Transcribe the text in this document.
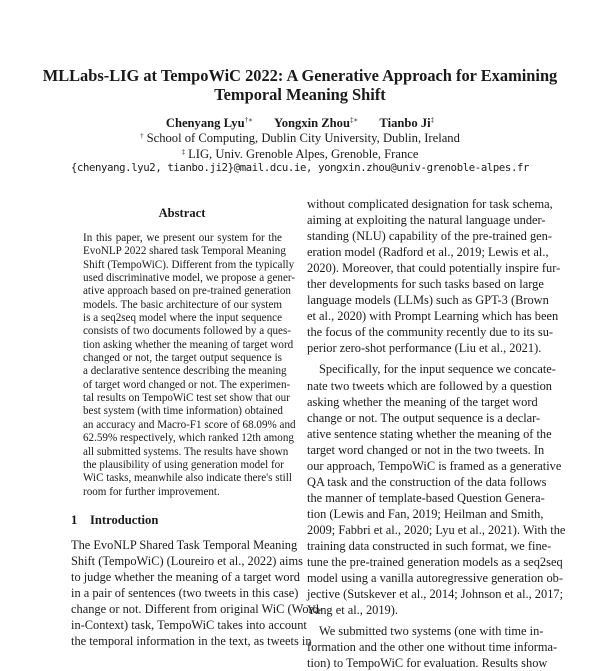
MLLabs-LIG at TempoWiC 2022: A Generative Approach for Examining
Temporal Meaning Shift
Chenyang Lyu†∗ Yongxin Zhou‡∗ Tianbo Ji‡
† School of Computing, Dublin City University, Dublin, Ireland
‡ LIG, Univ. Grenoble Alpes, Grenoble, France
{chenyang.lyu2, tianbo.ji2}@mail.dcu.ie, yongxin.zhou@univ-grenoble-alpes.fr
Abstract
In this paper, we present our system for the
EvoNLP 2022 shared task Temporal Meaning
Shift (TempoWiC). Different from the typically
used discriminative model, we propose a gener-
ative approach based on pre-trained generation
models. The basic architecture of our system
is a seq2seq model where the input sequence
consists of two documents followed by a ques-
tion asking whether the meaning of target word
changed or not, the target output sequence is
a declarative sentence describing the meaning
of target word changed or not. The experimen-
tal results on TempoWiC test set show that our
best system (with time information) obtained
an accuracy and Macro-F1 score of 68.09% and
62.59% respectively, which ranked 12th among
all submitted systems. The results have shown
the plausibility of using generation model for
WiC tasks, meanwhile also indicate there's still
room for further improvement.
1 Introduction
The EvoNLP Shared Task Temporal Meaning
Shift (TempoWiC) (Loureiro et al., 2022) aims
to judge whether the meaning of a target word
in a pair of sentences (two tweets in this case)
change or not. Different from original WiC (Word-
in-Context) task, TempoWiC takes into account
the temporal information in the text, as tweets in
without complicated designation for task schema,
aiming at exploiting the natural language under-
standing (NLU) capability of the pre-trained gen-
eration model (Radford et al., 2019; Lewis et al.,
2020). Moreover, that could potentially inspire fur-
ther developments for such tasks based on large
language models (LLMs) such as GPT-3 (Brown
et al., 2020) with Prompt Learning which has been
the focus of the community recently due to its su-
perior zero-shot performance (Liu et al., 2021).
Specifically, for the input sequence we concate-
nate two tweets which are followed by a question
asking whether the meaning of the target word
change or not. The output sequence is a declar-
ative sentence stating whether the meaning of the
target word changed or not in the two tweets. In
our approach, TempoWiC is framed as a generative
QA task and the construction of the data follows
the manner of template-based Question Genera-
tion (Lewis and Fan, 2019; Heilman and Smith,
2009; Fabbri et al., 2020; Lyu et al., 2021). With the
training data constructed in such format, we fine-
tune the pre-trained generation models as a seq2seq
model using a vanilla autoregressive generation ob-
jective (Sutskever et al., 2014; Johnson et al., 2017;
Yang et al., 2019).
We submitted two systems (one with time in-
formation and the other one without time informa-
tion) to TempoWiC for evaluation. Results show
